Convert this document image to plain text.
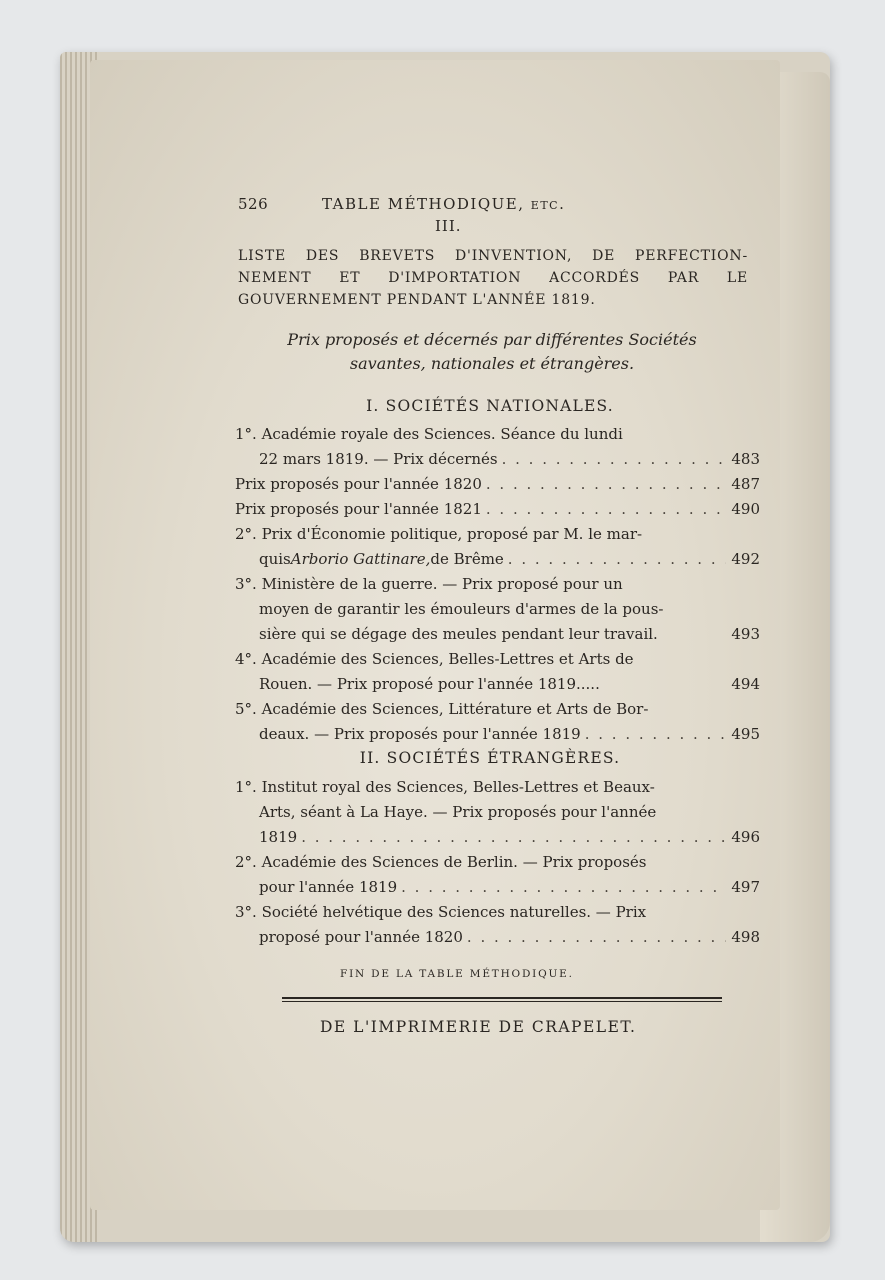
526	TABLE MÉTHODIQUE, etc.
III.
LISTE DES BREVETS D'INVENTION, DE PERFECTION-NEMENT ET D'IMPORTATION ACCORDÉS PAR LE GOUVERNEMENT PENDANT L'ANNÉE 1819.
Prix proposés et décernés par différentes Sociétés
savantes, nationales et étrangères.
I. SOCIÉTÉS NATIONALES.
1°. Académie royale des Sciences. Séance du lundi
22 mars 1819. — Prix décernés . . .	483
Prix proposés pour l'année 1820 . . .	487
Prix proposés pour l'année 1821 . . .	490
2°. Prix d'Économie politique, proposé par M. le mar-
quis Arborio Gattinare, de Brême . . .	492
3°. Ministère de la guerre. — Prix proposé pour un
moyen de garantir les émouleurs d'armes de la pous-
sière qui se dégage des meules pendant leur travail.	493
4°. Académie des Sciences, Belles-Lettres et Arts de
Rouen. — Prix proposé pour l'année 1819.....	494
5°. Académie des Sciences, Littérature et Arts de Bor-
deaux. — Prix proposés pour l'année 1819 . . .	495
II. SOCIÉTÉS ÉTRANGÈRES.
1°. Institut royal des Sciences, Belles-Lettres et Beaux-
Arts, séant à La Haye. — Prix proposés pour l'année
1819 . . .	496
2°. Académie des Sciences de Berlin. — Prix proposés
pour l'année 1819 . . .	497
3°. Société helvétique des Sciences naturelles. — Prix
proposé pour l'année 1820 . . .	498
FIN DE LA TABLE MÉTHODIQUE.
DE L'IMPRIMERIE DE CRAPELET.
